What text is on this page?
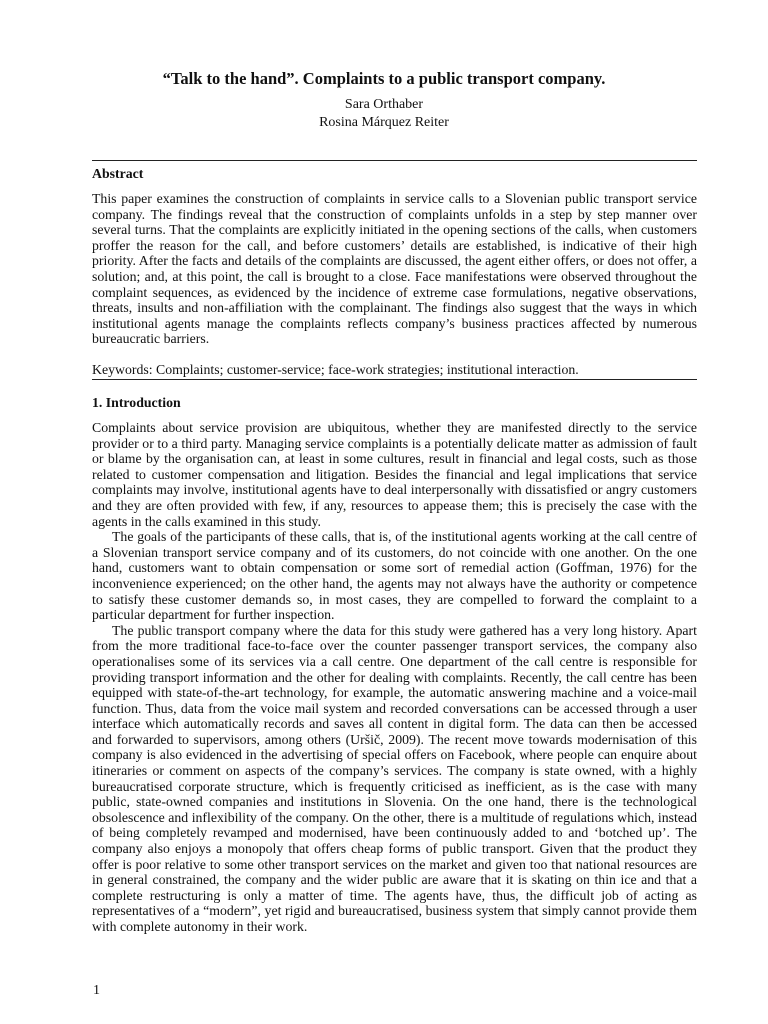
“Talk to the hand”. Complaints to a public transport company.
Sara Orthaber
Rosina Márquez Reiter
Abstract

This paper examines the construction of complaints in service calls to a Slovenian public transport service company. The findings reveal that the construction of complaints unfolds in a step by step manner over several turns. That the complaints are explicitly initiated in the opening sections of the calls, when customers proffer the reason for the call, and before customers’ details are established, is indicative of their high priority. After the facts and details of the complaints are discussed, the agent either offers, or does not offer, a solution; and, at this point, the call is brought to a close. Face manifestations were observed throughout the complaint sequences, as evidenced by the incidence of extreme case formulations, negative observations, threats, insults and non-affiliation with the complainant. The findings also suggest that the ways in which institutional agents manage the complaints reflects company’s business practices affected by numerous bureaucratic barriers.

Keywords: Complaints; customer-service; face-work strategies; institutional interaction.

1. Introduction

Complaints about service provision are ubiquitous, whether they are manifested directly to the service provider or to a third party. Managing service complaints is a potentially delicate matter as admission of fault or blame by the organisation can, at least in some cultures, result in financial and legal costs, such as those related to customer compensation and litigation. Besides the financial and legal implications that service complaints may involve, institutional agents have to deal interpersonally with dissatisfied or angry customers and they are often provided with few, if any, resources to appease them; this is precisely the case with the agents in the calls examined in this study.

The goals of the participants of these calls, that is, of the institutional agents working at the call centre of a Slovenian transport service company and of its customers, do not coincide with one another. On the one hand, customers want to obtain compensation or some sort of remedial action (Goffman, 1976) for the inconvenience experienced; on the other hand, the agents may not always have the authority or competence to satisfy these customer demands so, in most cases, they are compelled to forward the complaint to a particular department for further inspection.

The public transport company where the data for this study were gathered has a very long history. Apart from the more traditional face-to-face over the counter passenger transport services, the company also operationalises some of its services via a call centre. One department of the call centre is responsible for providing transport information and the other for dealing with complaints. Recently, the call centre has been equipped with state-of-the-art technology, for example, the automatic answering machine and a voice-mail function. Thus, data from the voice mail system and recorded conversations can be accessed through a user interface which automatically records and saves all content in digital form. The data can then be accessed and forwarded to supervisors, among others (Uršič, 2009). The recent move towards modernisation of this company is also evidenced in the advertising of special offers on Facebook, where people can enquire about itineraries or comment on aspects of the company’s services. The company is state owned, with a highly bureaucratised corporate structure, which is frequently criticised as inefficient, as is the case with many public, state-owned companies and institutions in Slovenia. On the one hand, there is the technological obsolescence and inflexibility of the company. On the other, there is a multitude of regulations which, instead of being completely revamped and modernised, have been continuously added to and ‘botched up’. The company also enjoys a monopoly that offers cheap forms of public transport. Given that the product they offer is poor relative to some other transport services on the market and given too that national resources are in general constrained, the company and the wider public are aware that it is skating on thin ice and that a complete restructuring is only a matter of time. The agents have, thus, the difficult job of acting as representatives of a “modern”, yet rigid and bureaucratised, business system that simply cannot provide them with complete autonomy in their work.

1
